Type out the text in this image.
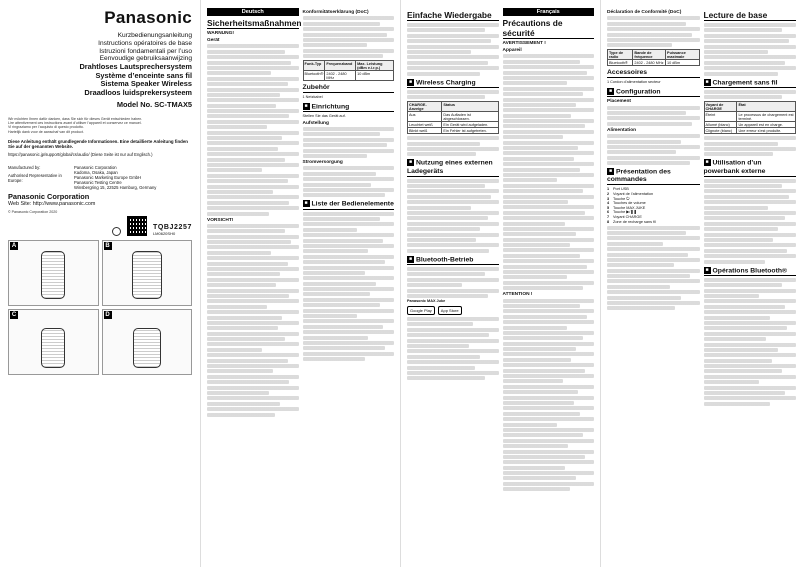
Panasonic
Kurzbedienungsanleitung
Instructions opératoires de base
Istruzioni fondamentali per l’uso
Eenvoudige gebruiksaanwijzing
Drahtloses Lautsprechersystem
Système d’enceinte sans fil
Sistema Speaker Wireless
Draadloos luidsprekersysteem
Model No. SC-TMAX5
Wir möchten Ihnen dafür danken, dass Sie sich für dieses Gerät entschieden haben.
Lire attentivement ces instructions avant d’utiliser l’appareil et conservez ce manuel.
Vi ringraziamo per l’acquisto di questo prodotto.
Hartelijk dank voor de aanschaf van dit product.
Diese Anleitung enthält grundlegende Informationen. Eine detaillierte Anleitung finden Sie auf der genannten Website.
https://panasonic.jp/support/global/cs/audio/ (Diese Seite ist nur auf Englisch.)
Manufactured by:
Authorised Representative in Europe:
Panasonic Corporation
Kadoma, Osaka, Japan
Panasonic Marketing Europe GmbH
Panasonic Testing Centre
Winsbergring 15, 22525 Hamburg, Germany
Panasonic Corporation
Web Site: http://www.panasonic.com
© Panasonic Corporation 2020
TQBJ2257
LM0620SH0
A	B
C	D
Deutsch
Sicherheitsmaßnahmen
WARNUNG!
Gerät
VORSICHT!
Konformitätserklärung (DoC)
Funk-Typ	Frequenzband	Max. Leistung (dBm e.i.r.p.)
Bluetooth®	2402 - 2480 MHz	10 dBm
Zubehör
1 Netzkabel
■ Einrichtung
Stellen Sie das Gerät auf.
Aufstellung
Stromversorgung
■ Liste der Bedienelemente
Einfache Wiedergabe
■ Wireless Charging
CHARGE-Anzeige	Status
Aus	Das Aufladen ist abgeschlossen.
Leuchtet weiß	Ein Gerät wird aufgeladen.
Blinkt weiß	Ein Fehler ist aufgetreten.
■ Nutzung eines externen Ladegeräts
■ Bluetooth-Betrieb
Panasonic MAX Juke
Google Play	App Store
Français
Précautions de sécurité
AVERTISSEMENT !
Appareil
ATTENTION !
Déclaration de Conformité (DoC)
Type de radio	Bande de fréquence	Puissance maximale
Bluetooth®	2402 - 2480 MHz	10 dBm
Accessoires
1 Cordon d’alimentation secteur
■ Configuration
Placement
Alimentation
■ Présentation des commandes
1 Port USB
2 Voyant de l’alimentation
3 Touche ⏻
4 Touches de volume
5 Touche MAX JUKE
6 Touche ▶/❚❚
7 Voyant CHARGE
8 Zone de recharge sans fil
Lecture de base
■ Chargement sans fil
Voyant de CHARGE	État
Éteint	Le processus de chargement est terminé.
Allumé (blanc)	Un appareil est en charge.
Clignote (blanc)	Une erreur s’est produite.
■ Utilisation d’un powerbank externe
■ Opérations Bluetooth®
